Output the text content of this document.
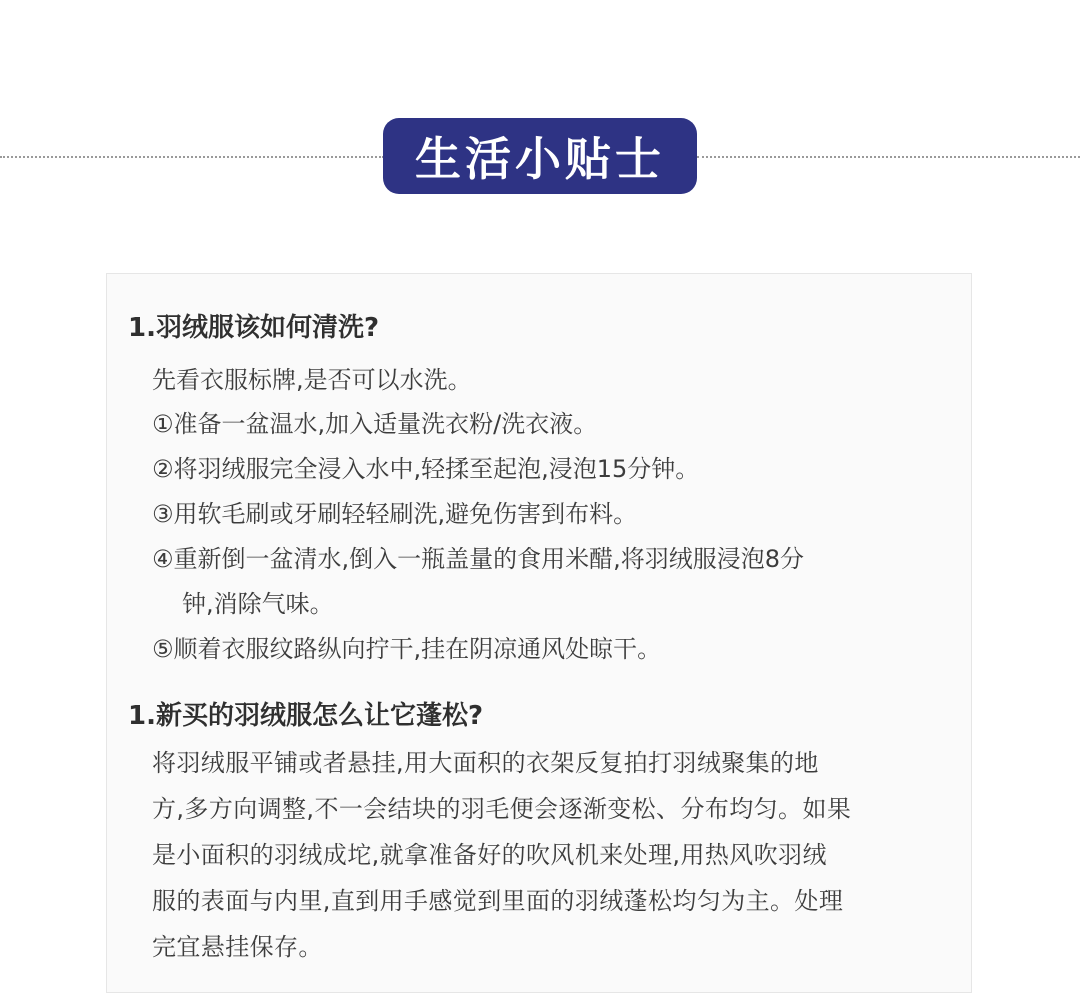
生活小贴士
1.羽绒服该如何清洗?
先看衣服标牌,是否可以水洗。
①准备一盆温水,加入适量洗衣粉/洗衣液。
②将羽绒服完全浸入水中,轻揉至起泡,浸泡15分钟。
③用软毛刷或牙刷轻轻刷洗,避免伤害到布料。
④重新倒一盆清水,倒入一瓶盖量的食用米醋,将羽绒服浸泡8分
钟,消除气味。
⑤顺着衣服纹路纵向拧干,挂在阴凉通风处晾干。
1.新买的羽绒服怎么让它蓬松?
将羽绒服平铺或者悬挂,用大面积的衣架反复拍打羽绒聚集的地
方,多方向调整,不一会结块的羽毛便会逐渐变松、分布均匀。如果
是小面积的羽绒成坨,就拿准备好的吹风机来处理,用热风吹羽绒
服的表面与内里,直到用手感觉到里面的羽绒蓬松均匀为主。处理
完宜悬挂保存。
